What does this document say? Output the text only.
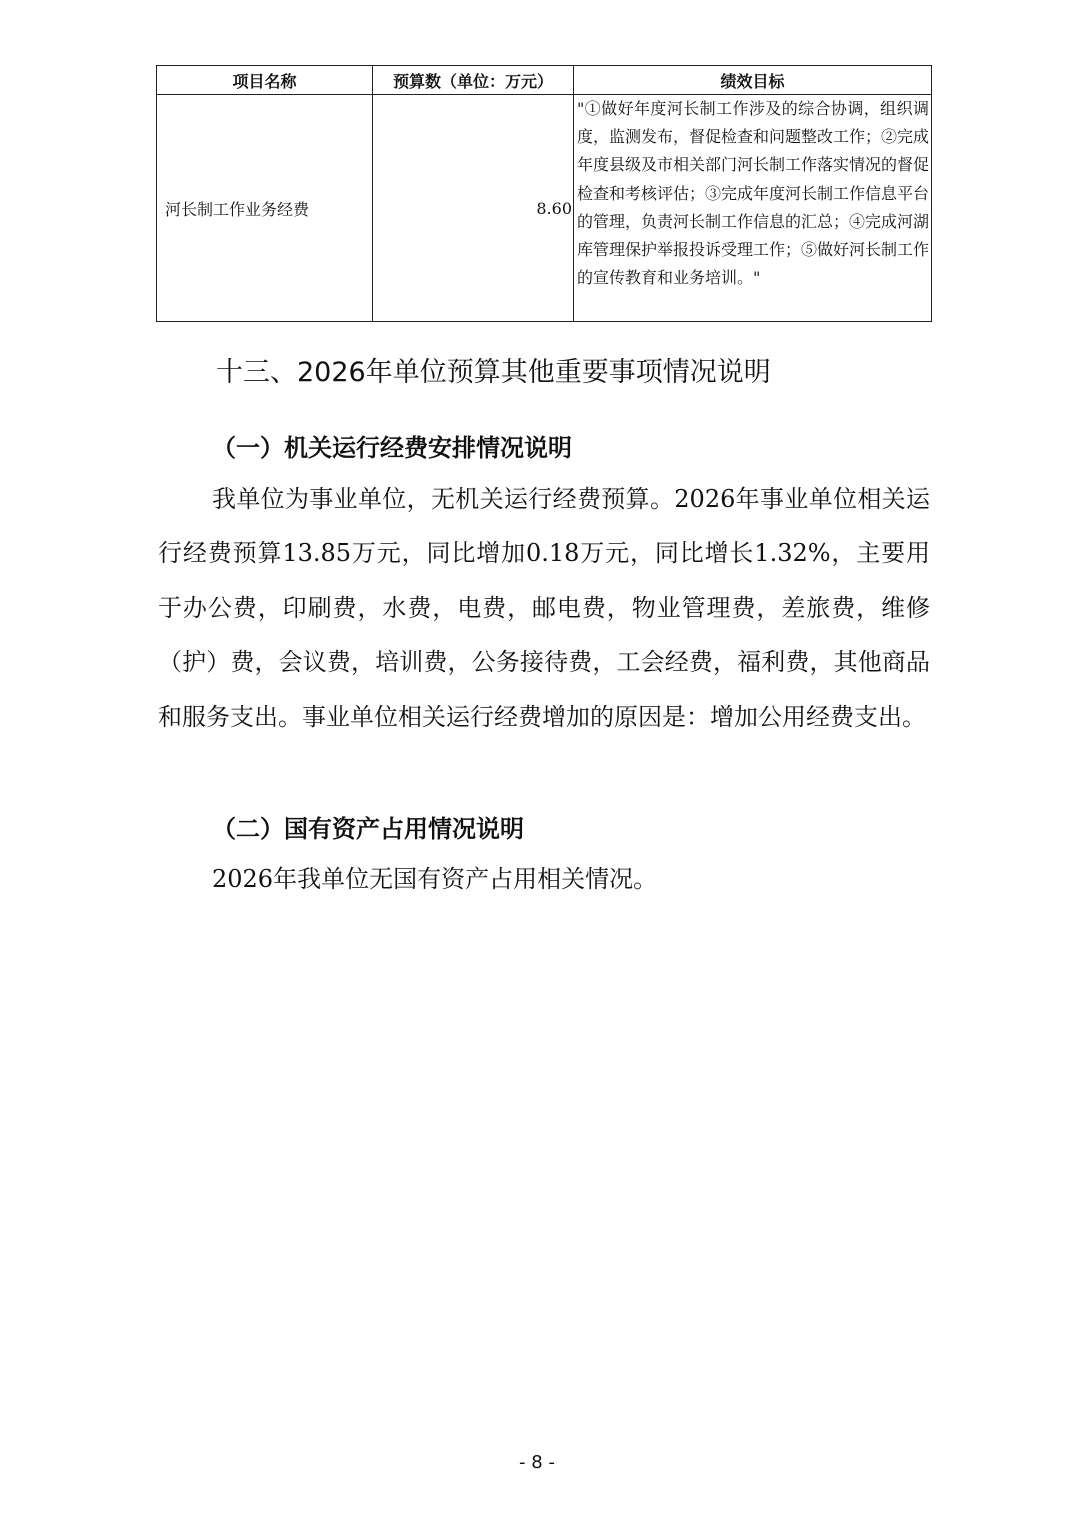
项目名称	预算数（单位：万元）	绩效目标
河长制工作业务经费	8.60	"①做好年度河长制工作涉及的综合协调，组织调度，监测发布，督促检查和问题整改工作；②完成年度县级及市相关部门河长制工作落实情况的督促检查和考核评估；③完成年度河长制工作信息平台的管理，负责河长制工作信息的汇总；④完成河湖库管理保护举报投诉受理工作；⑤做好河长制工作的宣传教育和业务培训。"
十三、2026年单位预算其他重要事项情况说明
（一）机关运行经费安排情况说明
我单位为事业单位，无机关运行经费预算。2026年事业单位相关运行经费预算13.85万元，同比增加0.18万元，同比增长1.32%，主要用于办公费，印刷费，水费，电费，邮电费，物业管理费，差旅费，维修（护）费，会议费，培训费，公务接待费，工会经费，福利费，其他商品和服务支出。事业单位相关运行经费增加的原因是：增加公用经费支出。
（二）国有资产占用情况说明
2026年我单位无国有资产占用相关情况。
- 8 -
